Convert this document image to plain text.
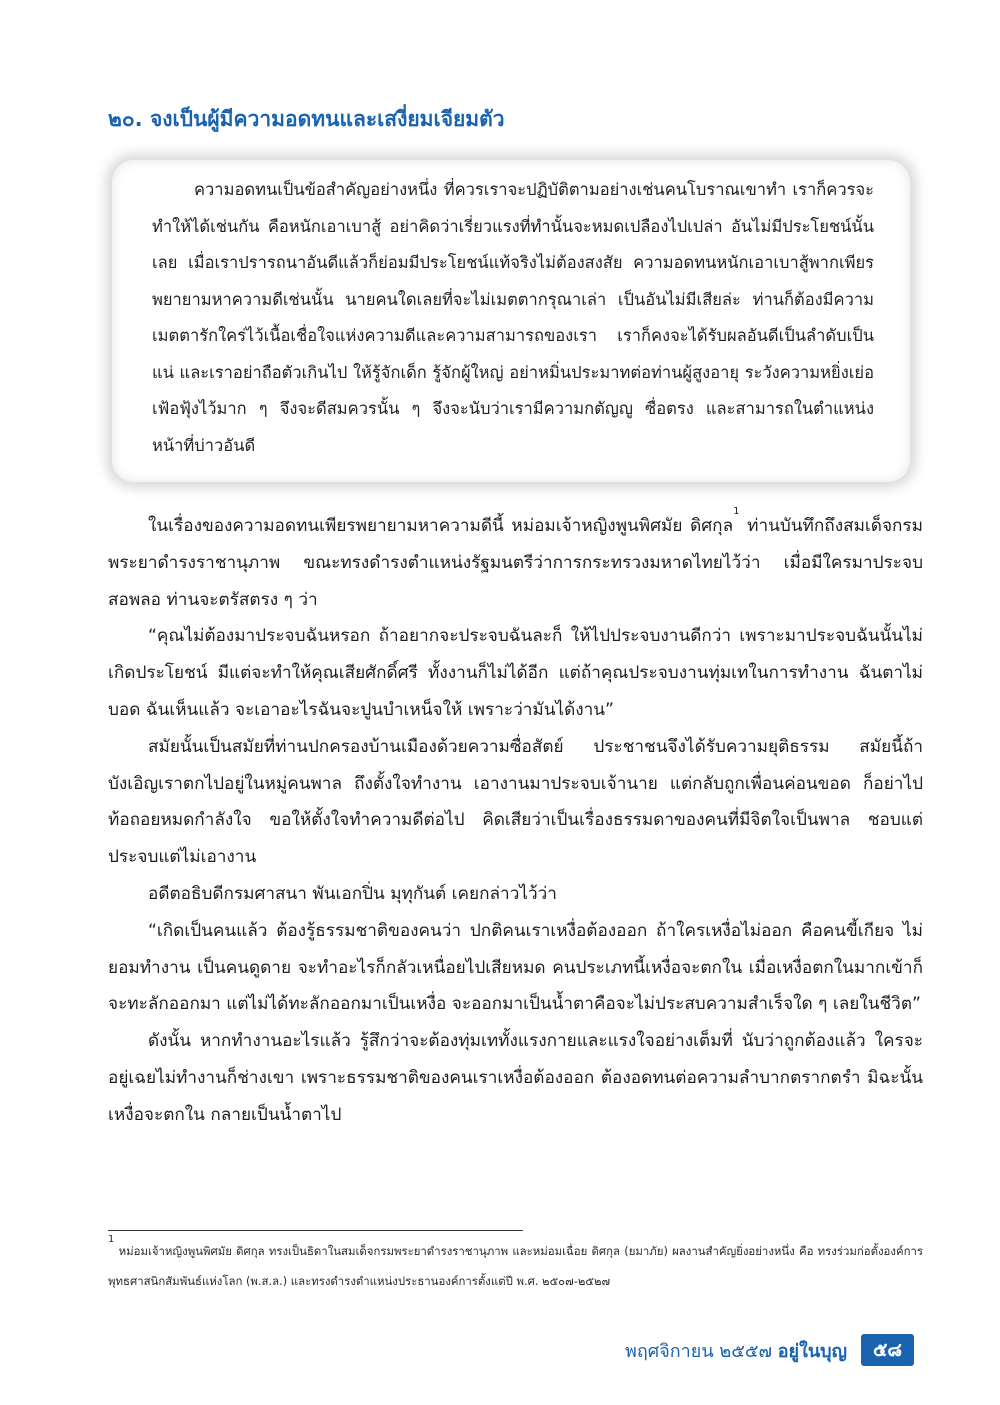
๒๐. จงเป็นผู้มีความอดทนและเสงี่ยมเจียมตัว

ความอดทนเป็นข้อสำคัญอย่างหนึ่ง ที่ควรเราจะปฏิบัติตามอย่างเช่นคนโบราณเขาทำ เราก็ควรจะทำให้ได้เช่นกัน คือหนักเอาเบาสู้ อย่าคิดว่าเรี่ยวแรงที่ทำนั้นจะหมดเปลืองไปเปล่า อันไม่มีประโยชน์นั้นเลย เมื่อเราปรารถนาอันดีแล้วก็ย่อมมีประโยชน์แท้จริงไม่ต้องสงสัย ความอดทนหนักเอาเบาสู้พากเพียรพยายามหาความดีเช่นนั้น นายคนใดเลยที่จะไม่เมตตากรุณาเล่า เป็นอันไม่มีเสียล่ะ ท่านก็ต้องมีความเมตตารักใคร่ไว้เนื้อเชื่อใจแห่งความดีและความสามารถของเรา เราก็คงจะได้รับผลอันดีเป็นลำดับเป็นแน่ และเราอย่าถือตัวเกินไป ให้รู้จักเด็ก รู้จักผู้ใหญ่ อย่าหมิ่นประมาทต่อท่านผู้สูงอายุ ระวังความหยิ่งเย่อเฟ้อฟุ้งไว้มาก ๆ จึงจะดีสมควรนั้น ๆ จึงจะนับว่าเรามีความกตัญญู ซื่อตรง และสามารถในตำแหน่งหน้าที่บ่าวอันดี

ในเรื่องของความอดทนเพียรพยายามหาความดีนี้ หม่อมเจ้าหญิงพูนพิศมัย ดิศกุล$^1$ ท่านบันทึกถึงสมเด็จกรมพระยาดำรงราชานุภาพ ขณะทรงดำรงตำแหน่งรัฐมนตรีว่าการกระทรวงมหาดไทยไว้ว่า เมื่อมีใครมาประจบสอพลอ ท่านจะตรัสตรง ๆ ว่า

“คุณไม่ต้องมาประจบฉันหรอก ถ้าอยากจะประจบฉันละก็ ให้ไปประจบงานดีกว่า เพราะมาประจบฉันนั้นไม่เกิดประโยชน์ มีแต่จะทำให้คุณเสียศักดิ์ศรี ทั้งงานก็ไม่ได้อีก แต่ถ้าคุณประจบงานทุ่มเทในการทำงาน ฉันตาไม่บอด ฉันเห็นแล้ว จะเอาอะไรฉันจะปูนบำเหน็จให้ เพราะว่ามันได้งาน”

สมัยนั้นเป็นสมัยที่ท่านปกครองบ้านเมืองด้วยความซื่อสัตย์ ประชาชนจึงได้รับความยุติธรรม สมัยนี้ถ้าบังเอิญเราตกไปอยู่ในหมู่คนพาล ถึงตั้งใจทำงาน เอางานมาประจบเจ้านาย แต่กลับถูกเพื่อนค่อนขอด ก็อย่าไปท้อถอยหมดกำลังใจ ขอให้ตั้งใจทำความดีต่อไป คิดเสียว่าเป็นเรื่องธรรมดาของคนที่มีจิตใจเป็นพาล ชอบแต่ประจบแต่ไม่เอางาน

อดีตอธิบดีกรมศาสนา พันเอกปิ่น มุทุกันต์ เคยกล่าวไว้ว่า

“เกิดเป็นคนแล้ว ต้องรู้ธรรมชาติของคนว่า ปกติคนเราเหงื่อต้องออก ถ้าใครเหงื่อไม่ออก คือคนขี้เกียจ ไม่ยอมทำงาน เป็นคนดูดาย จะทำอะไรก็กลัวเหนื่อยไปเสียหมด คนประเภทนี้เหงื่อจะตกใน เมื่อเหงื่อตกในมากเข้าก็จะทะลักออกมา แต่ไม่ได้ทะลักออกมาเป็นเหงื่อ จะออกมาเป็นน้ำตาคือจะไม่ประสบความสำเร็จใด ๆ เลยในชีวิต”

ดังนั้น หากทำงานอะไรแล้ว รู้สึกว่าจะต้องทุ่มเททั้งแรงกายและแรงใจอย่างเต็มที่ นับว่าถูกต้องแล้ว ใครจะอยู่เฉยไม่ทำงานก็ช่างเขา เพราะธรรมชาติของคนเราเหงื่อต้องออก ต้องอดทนต่อความลำบากตรากตรำ มิฉะนั้นเหงื่อจะตกใน กลายเป็นน้ำตาไป

$^1$ หม่อมเจ้าหญิงพูนพิศมัย ดิศกุล ทรงเป็นธิดาในสมเด็จกรมพระยาดำรงราชานุภาพ และหม่อมเฉื่อย ดิศกุล (ยมาภัย) ผลงานสำคัญยิ่งอย่างหนึ่ง คือ ทรงร่วมก่อตั้งองค์การพุทธศาสนิกสัมพันธ์แห่งโลก (พ.ส.ล.) และทรงดำรงตำแหน่งประธานองค์การตั้งแต่ปี พ.ศ. ๒๕๐๗-๒๕๒๗
พฤศจิกายน ๒๕๕๗ อยู่ในบุญ	๕๘
